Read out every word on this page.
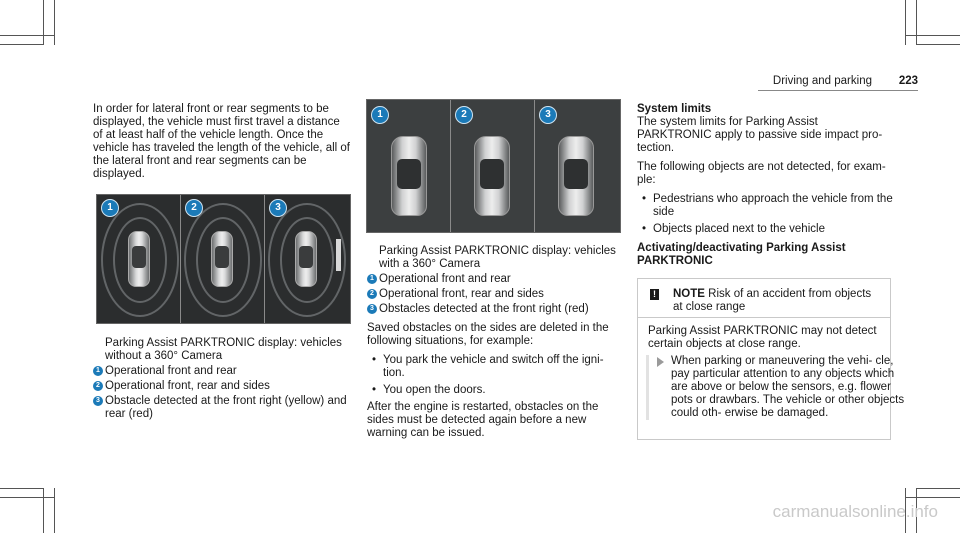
Driving and parking 223

In order for lateral front or rear segments to be displayed, the vehicle must first travel a distance of at least half of the vehicle length. Once the vehicle has traveled the length of the vehicle, all of the lateral front and rear segments can be displayed.

1	2	3

Parking Assist PARKTRONIC display: vehicles without a 360° Camera

1 Operational front and rear
2 Operational front, rear and sides
3 Obstacle detected at the front right (yellow) and rear (red)
1	2	3

Parking Assist PARKTRONIC display: vehicles with a 360° Camera

1 Operational front and rear
2 Operational front, rear and sides
3 Obstacles detected at the front right (red)

Saved obstacles on the sides are deleted in the following situations, for example:

• You park the vehicle and switch off the igni- tion.
• You open the doors.

After the engine is restarted, obstacles on the sides must be detected again before a new warning can be issued.

System limits

The system limits for Parking Assist PARKTRONIC apply to passive side impact pro- tection.

The following objects are not detected, for exam- ple:

• Pedestrians who approach the vehicle from the side
• Objects placed next to the vehicle
Activating/deactivating Parking Assist PARKTRONIC
! NOTE Risk of an accident from objects at close range
Parking Assist PARKTRONIC may not detect certain objects at close range.
When parking or maneuvering the vehi- cle, pay particular attention to any objects which are above or below the sensors, e.g. flower pots or drawbars. The vehicle or other objects could oth- erwise be damaged.
carmanualsonline.info
